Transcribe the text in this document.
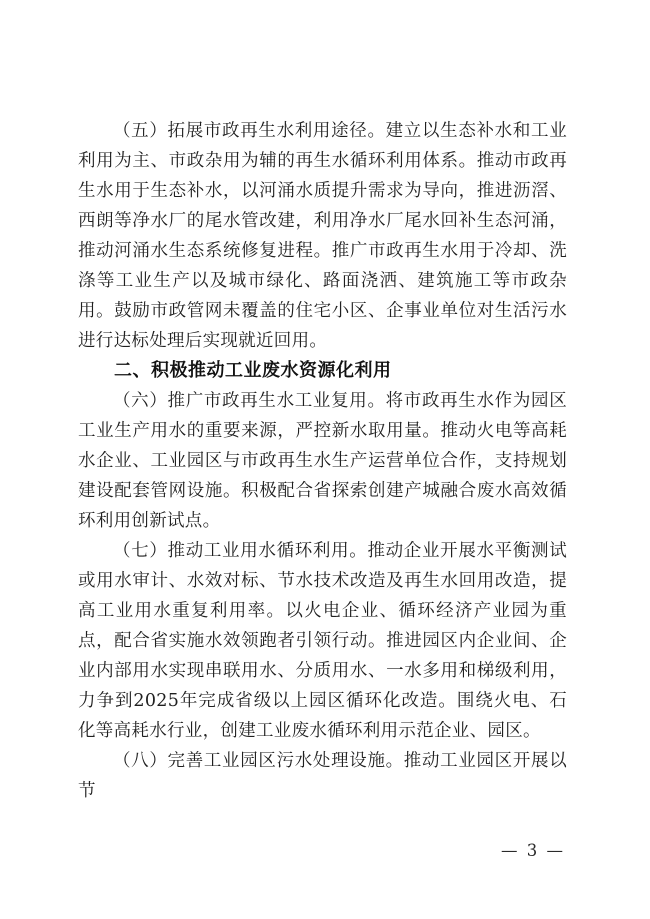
（五）拓展市政再生水利用途径。建立以生态补水和工业利用为主、市政杂用为辅的再生水循环利用体系。推动市政再生水用于生态补水，以河涌水质提升需求为导向，推进沥滘、西朗等净水厂的尾水管改建，利用净水厂尾水回补生态河涌，推动河涌水生态系统修复进程。推广市政再生水用于冷却、洗涤等工业生产以及城市绿化、路面浇洒、建筑施工等市政杂用。鼓励市政管网未覆盖的住宅小区、企事业单位对生活污水进行达标处理后实现就近回用。

二、积极推动工业废水资源化利用

（六）推广市政再生水工业复用。将市政再生水作为园区工业生产用水的重要来源，严控新水取用量。推动火电等高耗水企业、工业园区与市政再生水生产运营单位合作，支持规划建设配套管网设施。积极配合省探索创建产城融合废水高效循环利用创新试点。

（七）推动工业用水循环利用。推动企业开展水平衡测试或用水审计、水效对标、节水技术改造及再生水回用改造，提高工业用水重复利用率。以火电企业、循环经济产业园为重点，配合省实施水效领跑者引领行动。推进园区内企业间、企业内部用水实现串联用水、分质用水、一水多用和梯级利用，力争到2025年完成省级以上园区循环化改造。围绕火电、石化等高耗水行业，创建工业废水循环利用示范企业、园区。

（八）完善工业园区污水处理设施。推动工业园区开展以节

— 3 —
